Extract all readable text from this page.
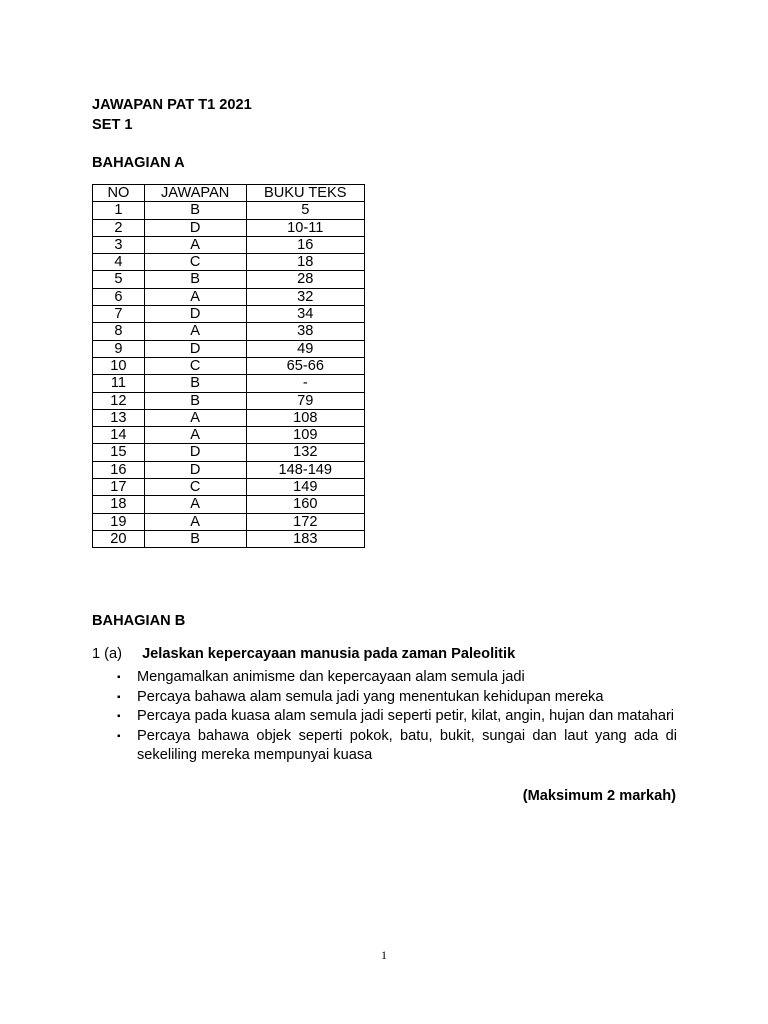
JAWAPAN PAT T1 2021
SET 1
BAHAGIAN A
NO	JAWAPAN	BUKU TEKS
1	B	5
2	D	10-11
3	A	16
4	C	18
5	B	28
6	A	32
7	D	34
8	A	38
9	D	49
10	C	65-66
11	B	-
12	B	79
13	A	108
14	A	109
15	D	132
16	D	148-149
17	C	149
18	A	160
19	A	172
20	B	183
BAHAGIAN B
1 (a) Jelaskan kepercayaan manusia pada zaman Paleolitik
▪ Mengamalkan animisme dan kepercayaan alam semula jadi
▪ Percaya bahawa alam semula jadi yang menentukan kehidupan mereka
▪ Percaya pada kuasa alam semula jadi seperti petir, kilat, angin, hujan dan matahari
▪ Percaya bahawa objek seperti pokok, batu, bukit, sungai dan laut yang ada di sekeliling mereka mempunyai kuasa
(Maksimum 2 markah)
1
